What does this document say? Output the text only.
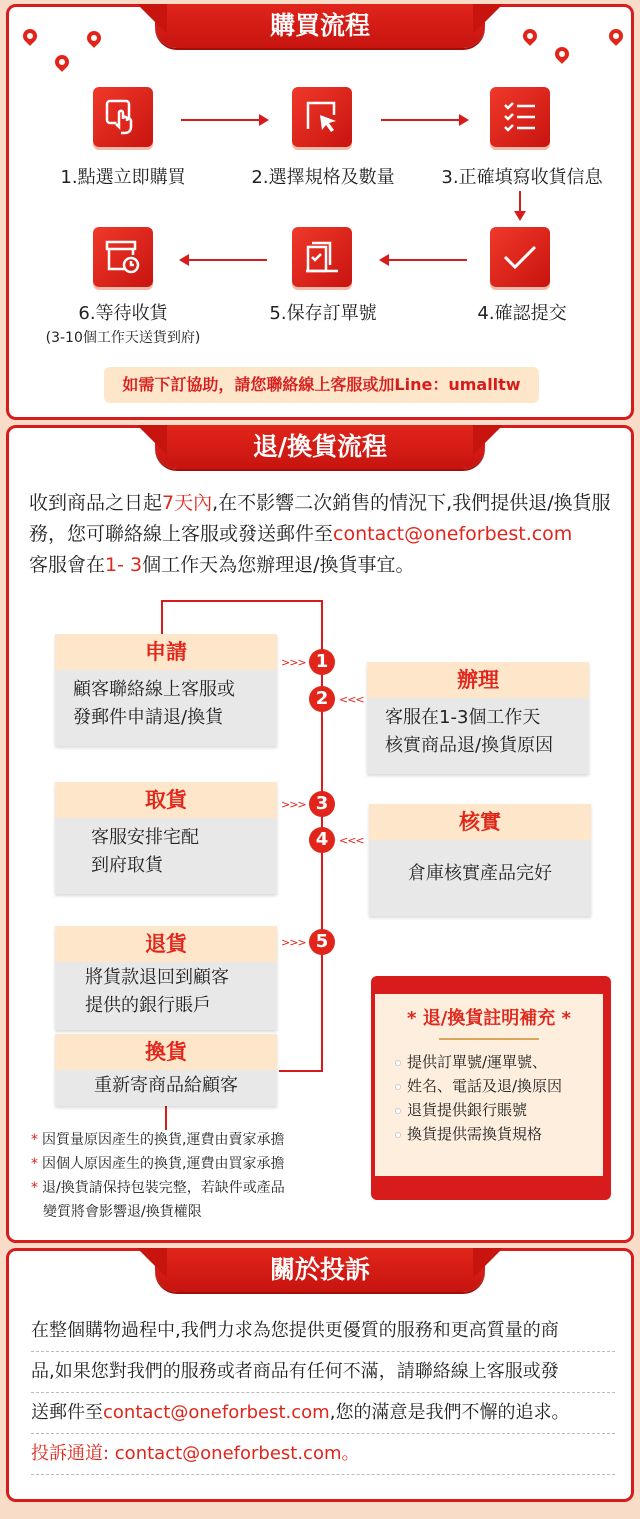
購買流程
1.點選立即購買	2.選擇規格及數量	3.正確填寫收貨信息
6.等待收貨	5.保存訂單號	4.確認提交
(3-10個工作天送貨到府)
如需下訂協助，請您聯絡線上客服或加Line：umalltw
退/換貨流程
收到商品之日起7天內,在不影響二次銷售的情況下,我們提供退/換貨服務，您可聯絡線上客服或發送郵件至contact@oneforbest.com
客服會在1- 3個工作天為您辦理退/換貨事宜。
>>> 1
2 <<<
>>> 3
4 <<<
>>> 5
申請
顧客聯絡線上客服或
發郵件申請退/換貨
辦理
客服在1-3個工作天
核實商品退/換貨原因
取貨
客服安排宅配
到府取貨
核實
倉庫核實產品完好
退貨
將貨款退回到顧客
提供的銀行賬戶
換貨
重新寄商品給顧客
* 因質量原因產生的換貨,運費由賣家承擔
* 因個人原因產生的換貨,運費由買家承擔
* 退/換貨請保持包裝完整，若缺件或產品
變質將會影響退/換貨權限
* 退/換貨註明補充 *
提供訂單號/運單號、
姓名、電話及退/換原因
退貨提供銀行賬號
換貨提供需換貨規格
關於投訴
在整個購物過程中,我們力求為您提供更優質的服務和更高質量的商
品,如果您對我們的服務或者商品有任何不滿，請聯絡線上客服或發
送郵件至contact@oneforbest.com,您的滿意是我們不懈的追求。
投訴通道: contact@oneforbest.com。
